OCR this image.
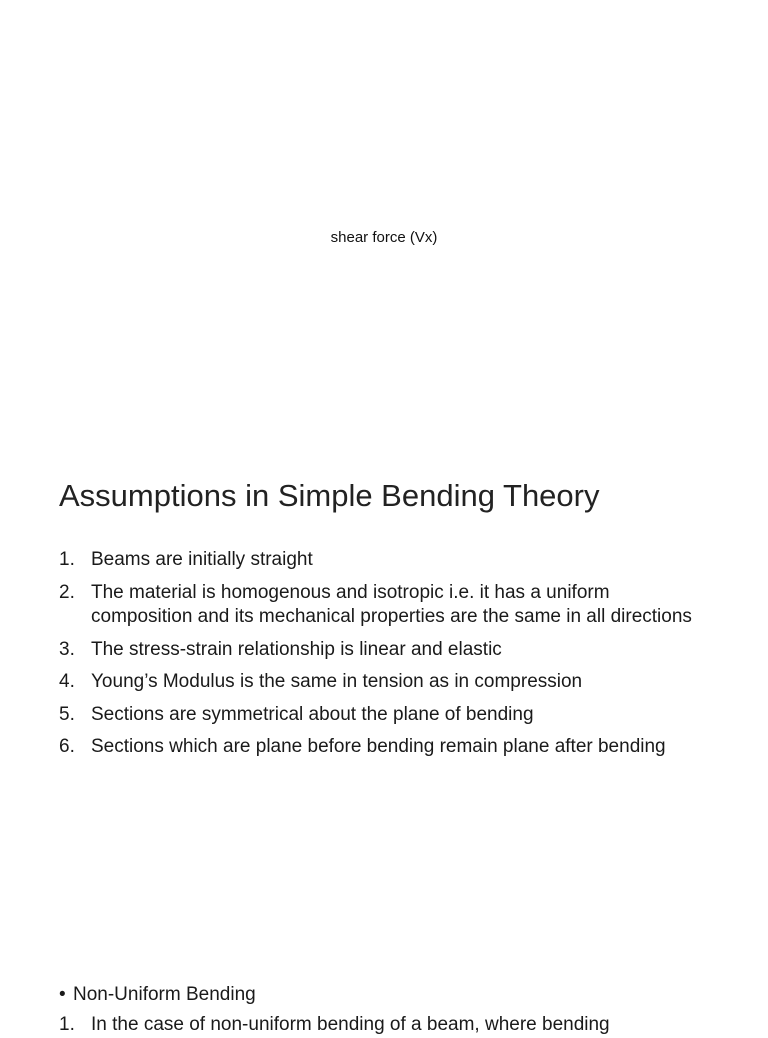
shear force (Vx)
Assumptions in Simple Bending Theory
1. Beams are initially straight
2. The material is homogenous and isotropic i.e. it has a uniform composition and its mechanical properties are the same in all directions
3. The stress-strain relationship is linear and elastic
4. Young’s Modulus is the same in tension as in compression
5. Sections are symmetrical about the plane of bending
6. Sections which are plane before bending remain plane after bending
• Non-Uniform Bending
1. In the case of non-uniform bending of a beam, where bending
